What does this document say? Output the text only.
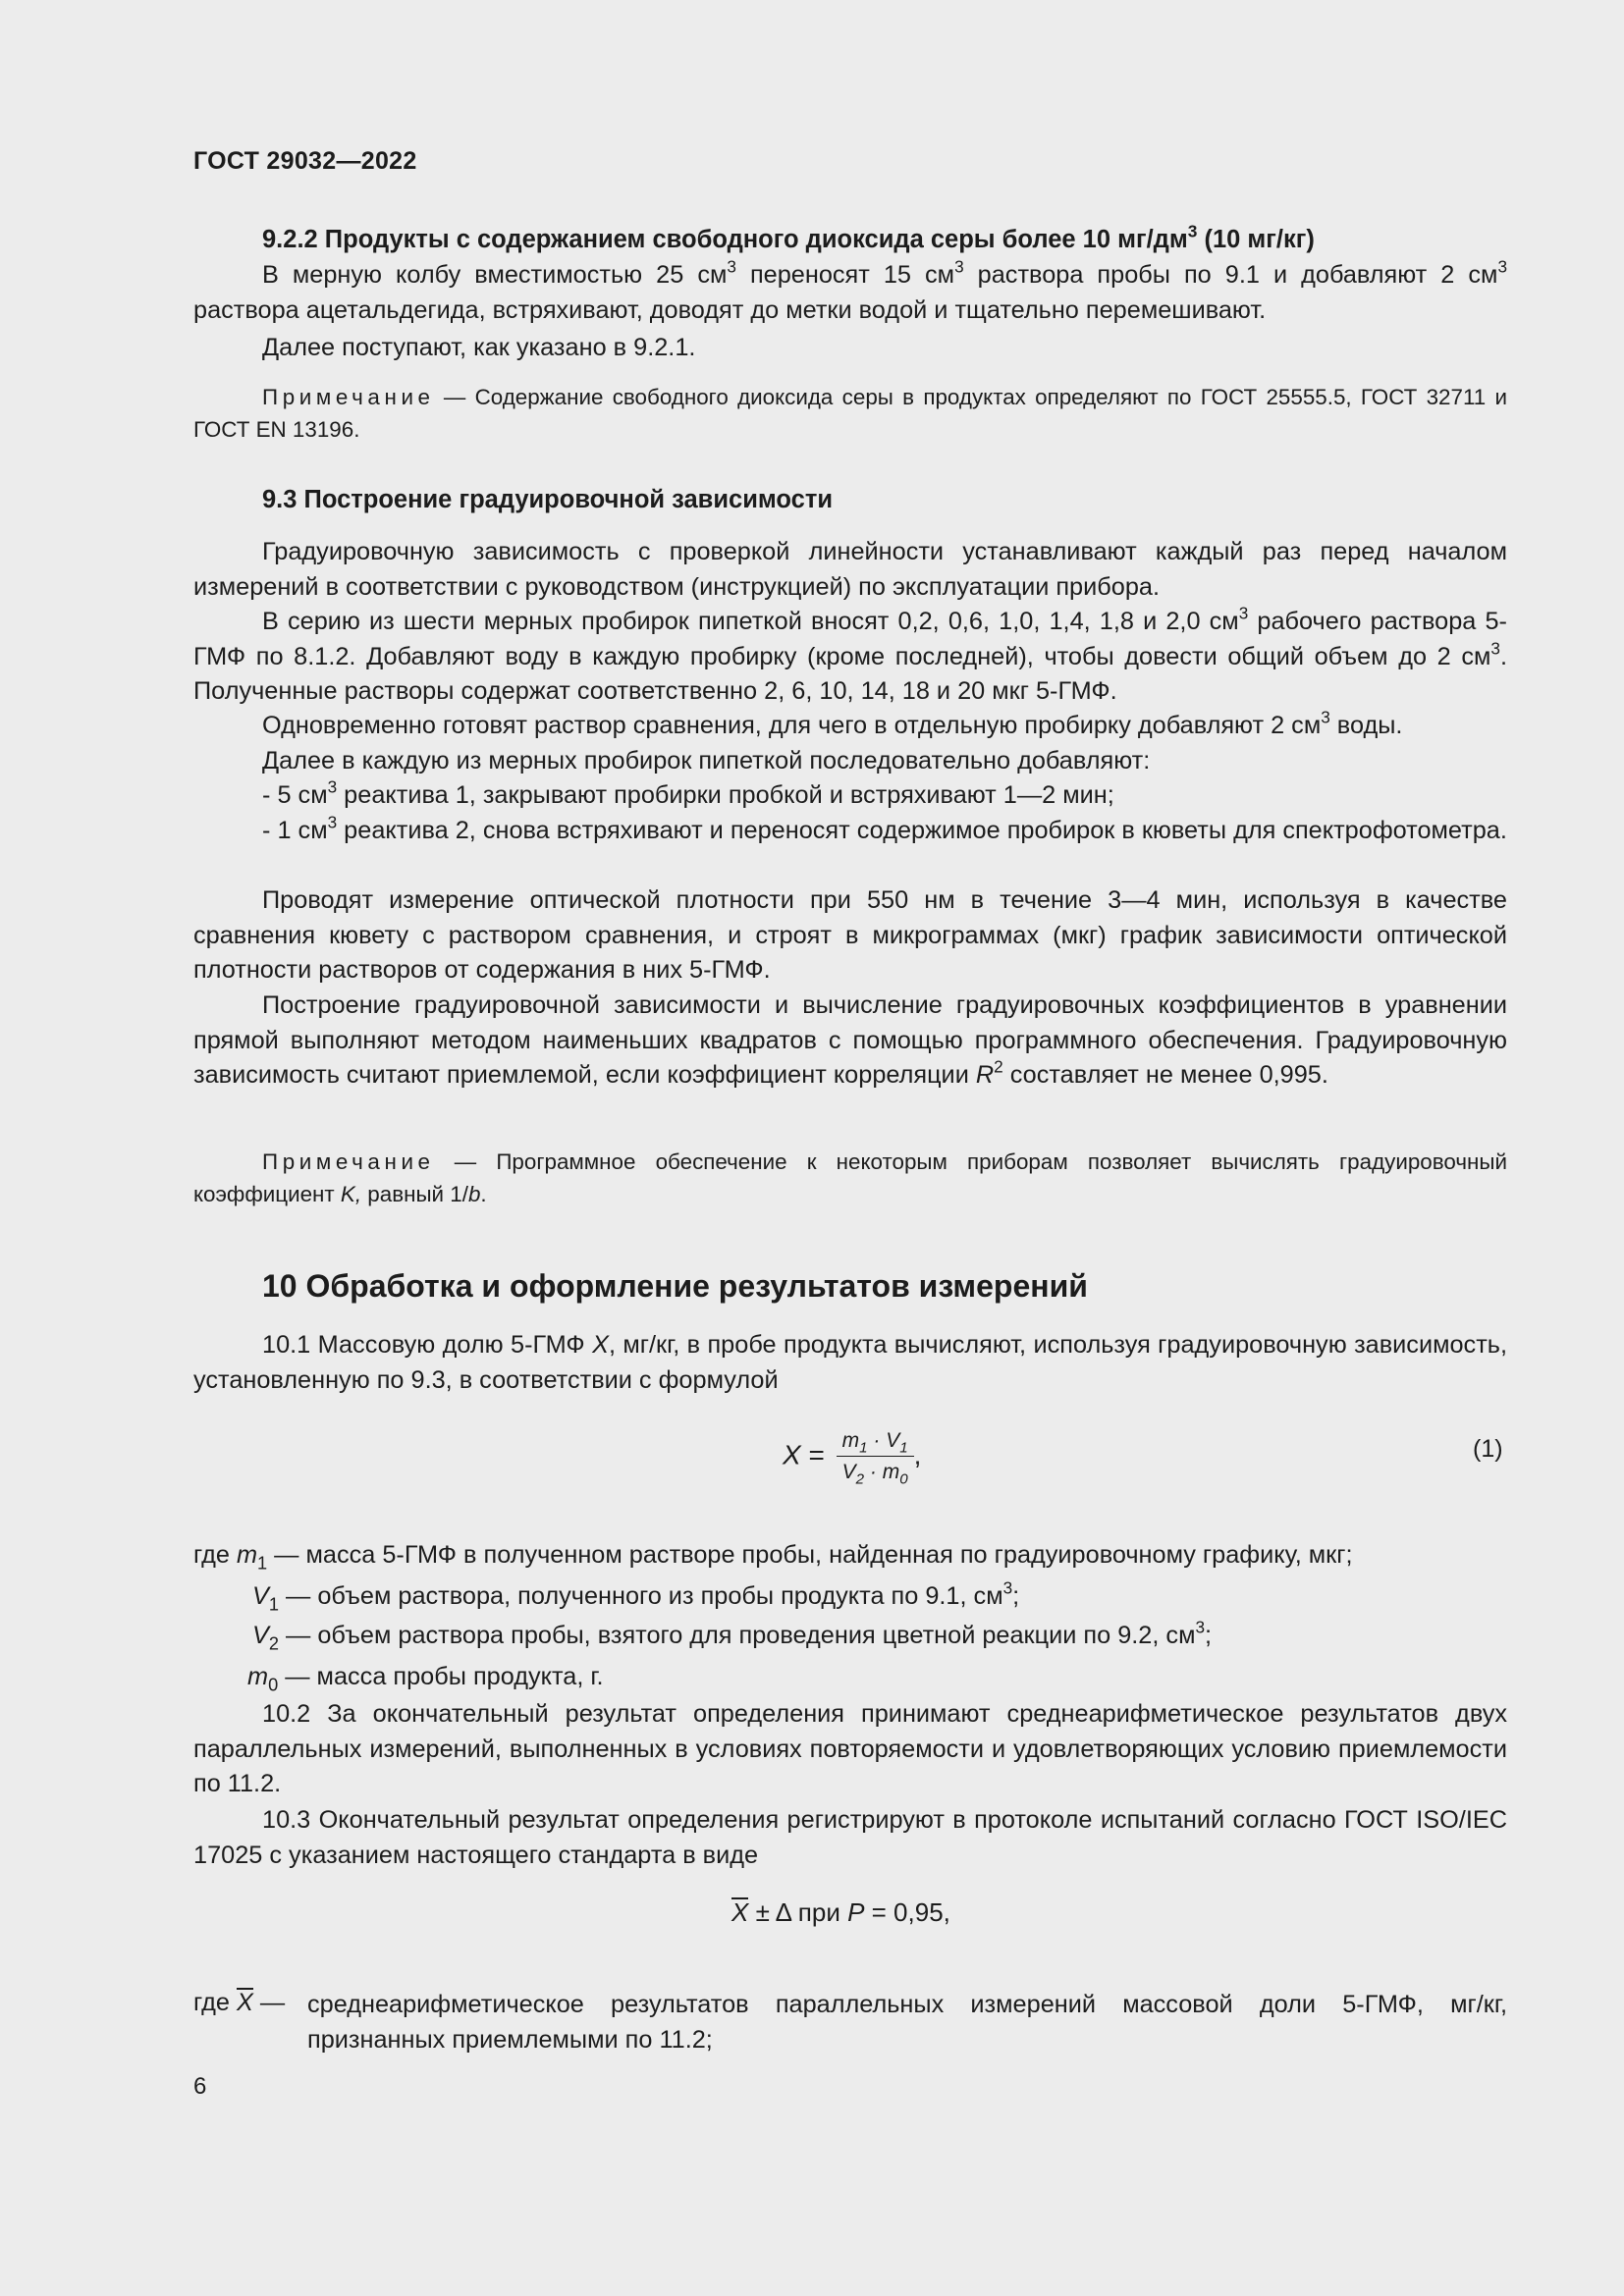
ГОСТ 29032—2022
9.2.2 Продукты с содержанием свободного диоксида серы более 10 $мг/дм^3$ (10 мг/кг)
В мерную колбу вместимостью 25 $см^3$ переносят 15 $см^3$ раствора пробы по 9.1 и добавляют 2 $см^3$ раствора ацетальдегида, встряхивают, доводят до метки водой и тщательно перемешивают.
Далее поступают, как указано в 9.2.1.
Примечание — Содержание свободного диоксида серы в продуктах определяют по ГОСТ 25555.5, ГОСТ 32711 и ГОСТ EN 13196.
9.3 Построение градуировочной зависимости
Градуировочную зависимость с проверкой линейности устанавливают каждый раз перед началом измерений в соответствии с руководством (инструкцией) по эксплуатации прибора.
В серию из шести мерных пробирок пипеткой вносят 0,2, 0,6, 1,0, 1,4, 1,8 и 2,0 $см^3$ рабочего раствора 5-ГМФ по 8.1.2. Добавляют воду в каждую пробирку (кроме последней), чтобы довести общий объем до 2 $см^3$. Полученные растворы содержат соответственно 2, 6, 10, 14, 18 и 20 мкг 5-ГМФ.
Одновременно готовят раствор сравнения, для чего в отдельную пробирку добавляют 2 $см^3$ воды.
Далее в каждую из мерных пробирок пипеткой последовательно добавляют:
- 5 $см^3$ реактива 1, закрывают пробирки пробкой и встряхивают 1—2 мин;
- 1 $см^3$ реактива 2, снова встряхивают и переносят содержимое пробирок в кюветы для спектрофотометра.
Проводят измерение оптической плотности при 550 нм в течение 3—4 мин, используя в качестве сравнения кювету с раствором сравнения, и строят в микрограммах (мкг) график зависимости оптической плотности растворов от содержания в них 5-ГМФ.
Построение градуировочной зависимости и вычисление градуировочных коэффициентов в уравнении прямой выполняют методом наименьших квадратов с помощью программного обеспечения. Градуировочную зависимость считают приемлемой, если коэффициент корреляции $R^2$ составляет не менее 0,995.
Примечание — Программное обеспечение к некоторым приборам позволяет вычислять градуировочный коэффициент K, равный 1/b.
10 Обработка и оформление результатов измерений
10.1 Массовую долю 5-ГМФ X, мг/кг, в пробе продукта вычисляют, используя градуировочную зависимость, установленную по 9.3, в соответствии с формулой
$X = \frac{m_1 \cdot V_1}{V_2 \cdot m_0}$ ,	(1)
где $m_1$ — масса 5-ГМФ в полученном растворе пробы, найденная по градуировочному графику, мкг;
$V_1$ — объем раствора, полученного из пробы продукта по 9.1, $см^3$;
$V_2$ — объем раствора пробы, взятого для проведения цветной реакции по 9.2, $см^3$;
$m_0$ — масса пробы продукта, г.
10.2 За окончательный результат определения принимают среднеарифметическое результатов двух параллельных измерений, выполненных в условиях повторяемости и удовлетворяющих условию приемлемости по 11.2.
10.3 Окончательный результат определения регистрируют в протоколе испытаний согласно ГОСТ ISO/IEC 17025 с указанием настоящего стандарта в виде
X ± Δ при P = 0,95,
где X — среднеарифметическое результатов параллельных измерений массовой доли 5-ГМФ, мг/кг, признанных приемлемыми по 11.2;
6
